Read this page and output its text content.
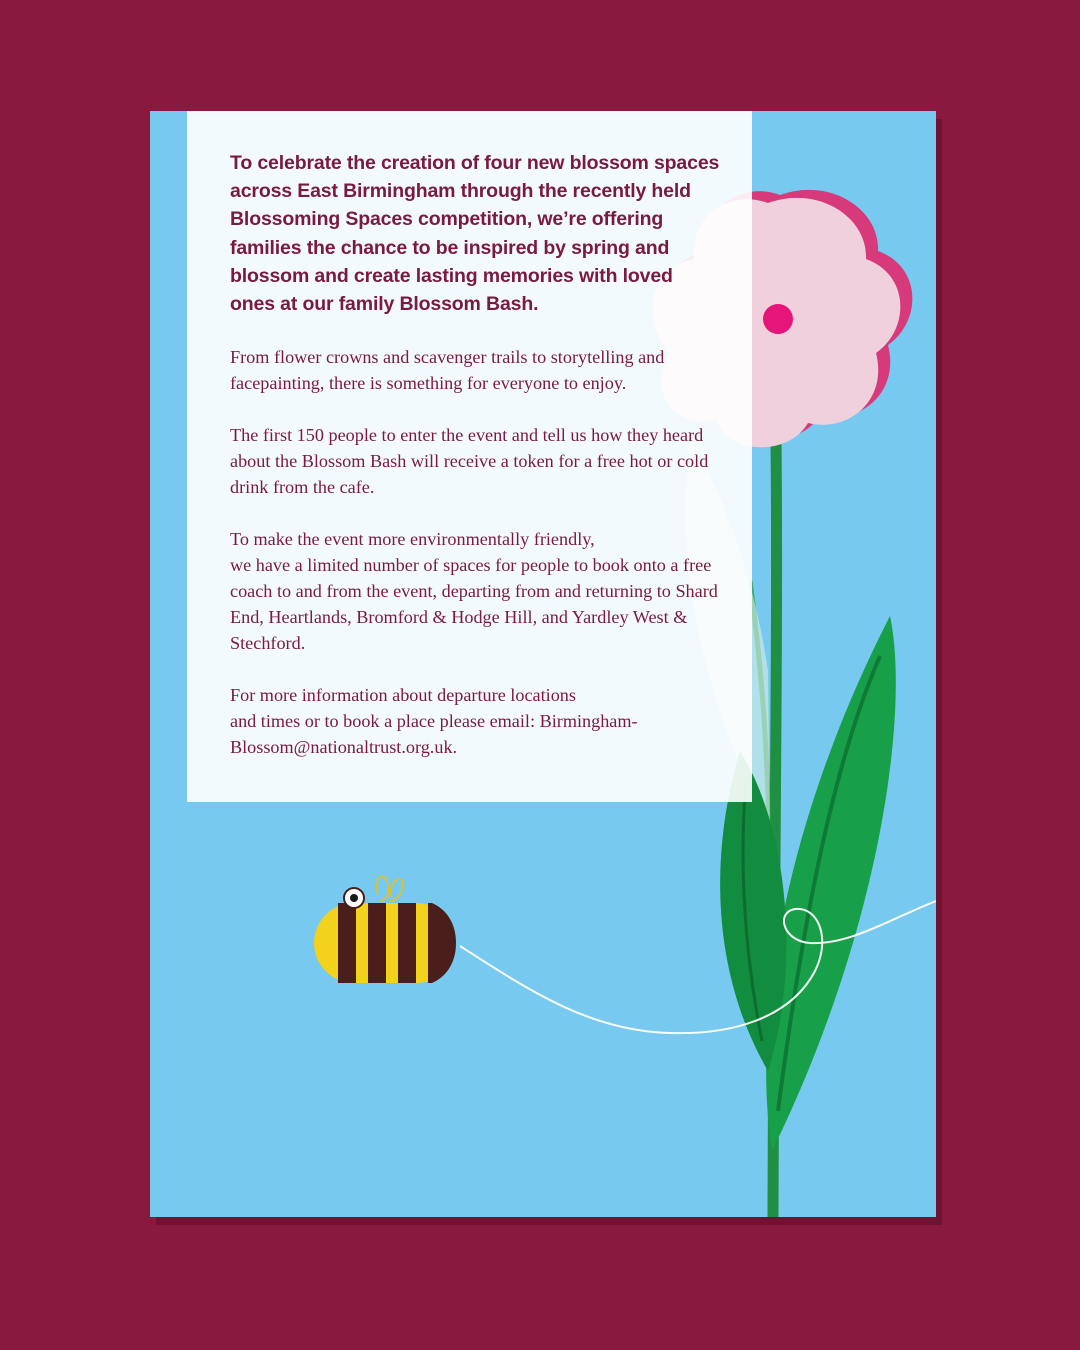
To celebrate the creation of four new blossom spaces across East Birmingham through the recently held Blossoming Spaces competition, we’re offering families the chance to be inspired by spring and blossom and create lasting memories with loved ones at our family Blossom Bash.

From flower crowns and scavenger trails to storytelling and facepainting, there is something for everyone to enjoy.

The first 150 people to enter the event and tell us how they heard about the Blossom Bash will receive a token for a free hot or cold drink from the cafe.

To make the event more environmentally friendly,
we have a limited number of spaces for people to book onto a free coach to and from the event, departing from and returning to Shard End, Heartlands, Bromford & Hodge Hill, and Yardley West & Stechford.

For more information about departure locations
and times or to book a place please email: Birmingham-Blossom@nationaltrust.org.uk.
